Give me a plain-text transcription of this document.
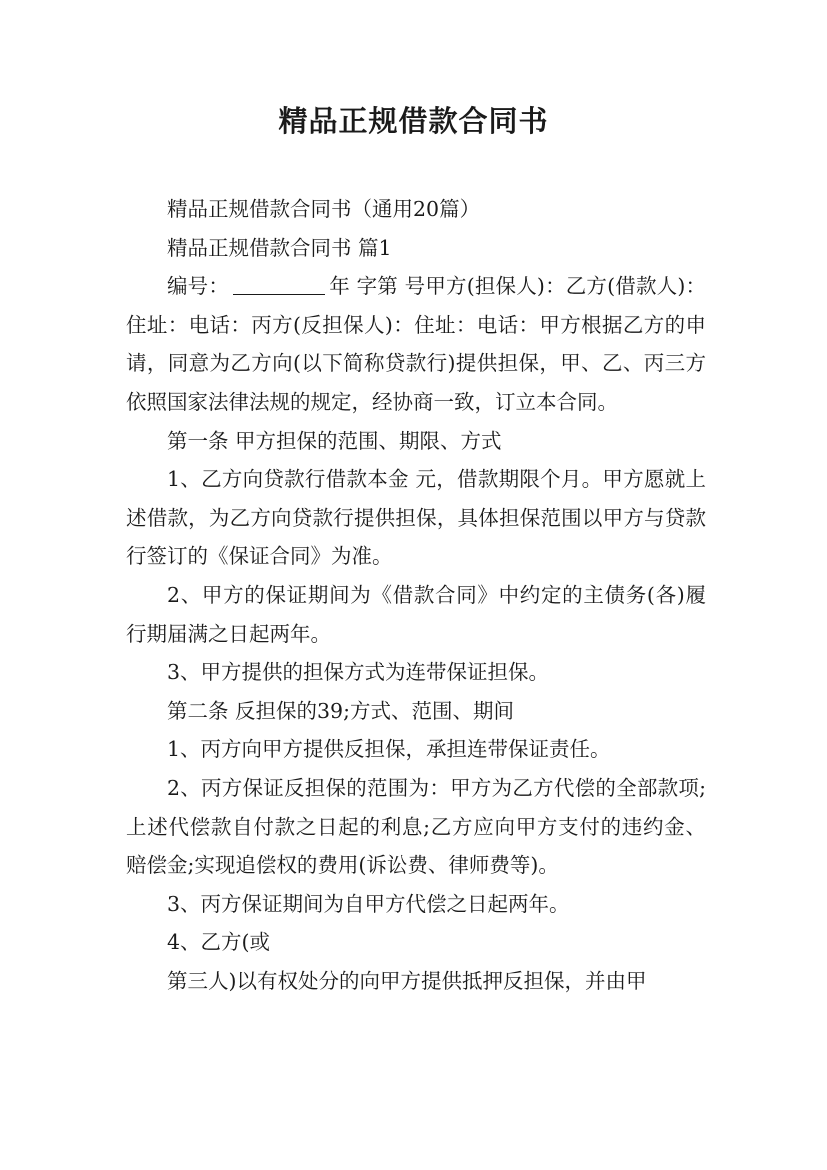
精品正规借款合同书

精品正规借款合同书（通用20篇）

精品正规借款合同书 篇1

编号：	年 字第 号甲方(担保人)：乙方(借款人)：住址：电话：丙方(反担保人)：住址：电话：甲方根据乙方的申请，同意为乙方向(以下简称贷款行)提供担保，甲、乙、丙三方依照国家法律法规的规定，经协商一致，订立本合同。

第一条 甲方担保的范围、期限、方式

1、乙方向贷款行借款本金 元，借款期限个月。甲方愿就上述借款，为乙方向贷款行提供担保，具体担保范围以甲方与贷款行签订的《保证合同》为准。

2、甲方的保证期间为《借款合同》中约定的主债务(各)履行期届满之日起两年。

3、甲方提供的担保方式为连带保证担保。

第二条 反担保的39;方式、范围、期间

1、丙方向甲方提供反担保，承担连带保证责任。

2、丙方保证反担保的范围为：甲方为乙方代偿的全部款项;上述代偿款自付款之日起的利息;乙方应向甲方支付的违约金、赔偿金;实现追偿权的费用(诉讼费、律师费等)。

3、丙方保证期间为自甲方代偿之日起两年。

4、乙方(或

第三人)以有权处分的向甲方提供抵押反担保，并由甲
